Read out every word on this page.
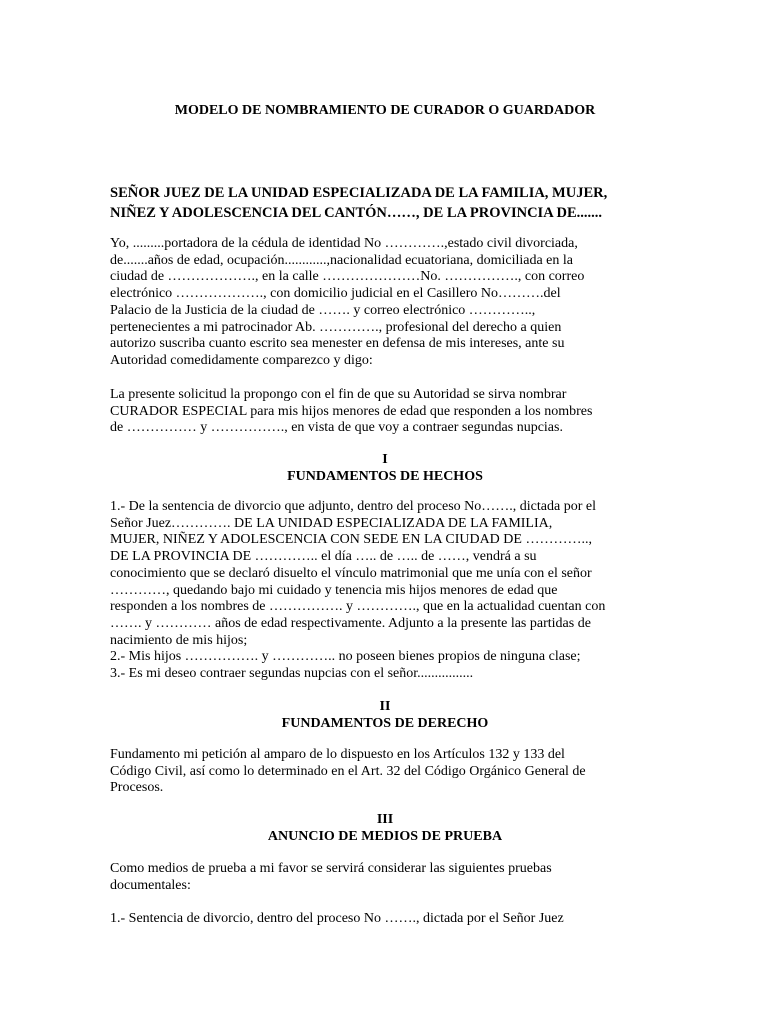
MODELO DE NOMBRAMIENTO DE CURADOR O GUARDADOR
SEÑOR JUEZ DE LA UNIDAD ESPECIALIZADA DE LA FAMILIA, MUJER,
NIÑEZ Y ADOLESCENCIA DEL CANTÓN……, DE LA PROVINCIA DE.......
Yo, .........portadora de la cédula de identidad No ………….,estado civil divorciada,
de.......años de edad, ocupación............,nacionalidad ecuatoriana, domiciliada en la
ciudad de ………………., en la calle …………………No. ……………., con correo
electrónico ………………., con domicilio judicial en el Casillero No……….del
Palacio de la Justicia de la ciudad de ……. y correo electrónico …………..,
pertenecientes a mi patrocinador Ab. …………., profesional del derecho a quien
autorizo suscriba cuanto escrito sea menester en defensa de mis intereses, ante su
Autoridad comedidamente comparezco y digo:
La presente solicitud la propongo con el fin de que su Autoridad se sirva nombrar
CURADOR ESPECIAL para mis hijos menores de edad que responden a los nombres
de …………… y ……………., en vista de que voy a contraer segundas nupcias.
I
FUNDAMENTOS DE HECHOS
1.- De la sentencia de divorcio que adjunto, dentro del proceso No……., dictada por el
Señor Juez…………. DE LA UNIDAD ESPECIALIZADA DE LA FAMILIA,
MUJER, NIÑEZ Y ADOLESCENCIA CON SEDE EN LA CIUDAD DE …………..,
DE LA PROVINCIA DE ………….. el día ….. de ….. de ……, vendrá a su
conocimiento que se declaró disuelto el vínculo matrimonial que me unía con el señor
…………, quedando bajo mi cuidado y tenencia mis hijos menores de edad que
responden a los nombres de ……………. y …………., que en la actualidad cuentan con
……. y ………… años de edad respectivamente. Adjunto a la presente las partidas de
nacimiento de mis hijos;
2.- Mis hijos ……………. y ………….. no poseen bienes propios de ninguna clase;
3.- Es mi deseo contraer segundas nupcias con el señor................
II
FUNDAMENTOS DE DERECHO
Fundamento mi petición al amparo de lo dispuesto en los Artículos 132 y 133 del
Código Civil, así como lo determinado en el Art. 32 del Código Orgánico General de
Procesos.
III
ANUNCIO DE MEDIOS DE PRUEBA
Como medios de prueba a mi favor se servirá considerar las siguientes pruebas
documentales:
1.- Sentencia de divorcio, dentro del proceso No ……., dictada por el Señor Juez
